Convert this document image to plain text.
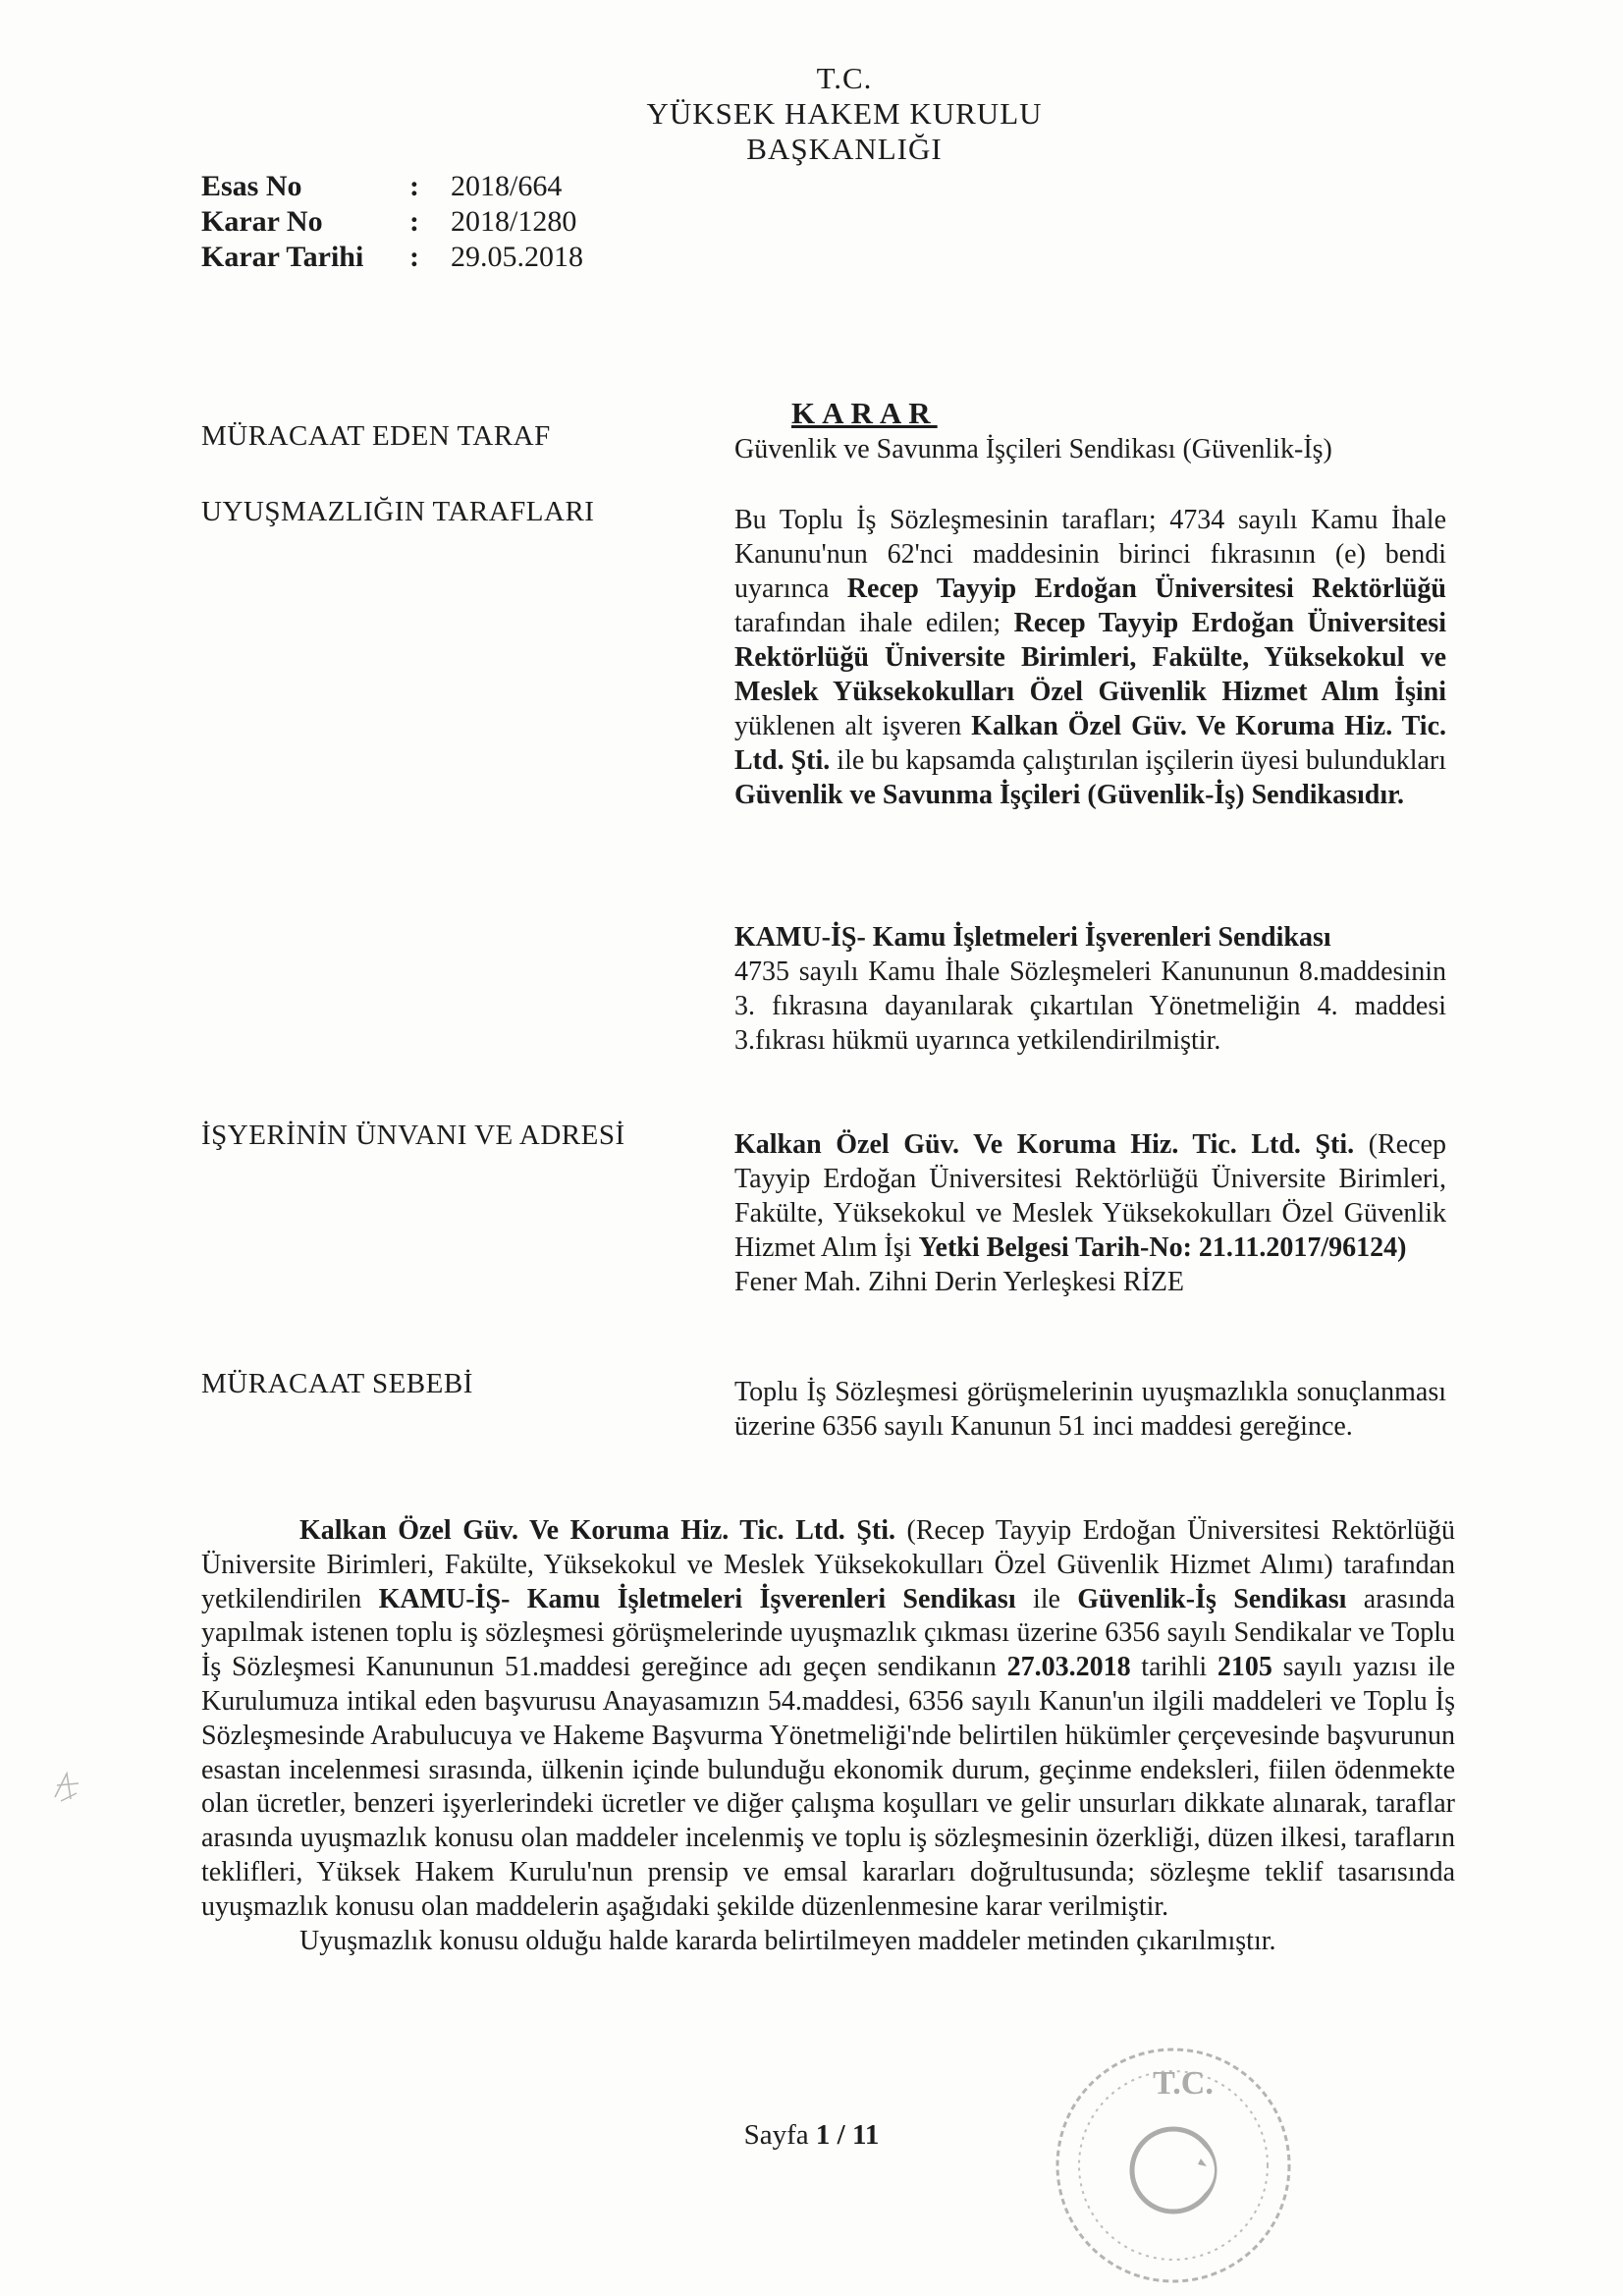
T.C.
YÜKSEK HAKEM KURULU
BAŞKANLIĞI
Esas No	:	2018/664
Karar No	:	2018/1280
Karar Tarihi	:	29.05.2018
KARAR
MÜRACAAT EDEN TARAF	Güvenlik ve Savunma İşçileri Sendikası (Güvenlik-İş)

UYUŞMAZLIĞIN TARAFLARI	Bu Toplu İş Sözleşmesinin tarafları; 4734 sayılı Kamu İhale Kanunu'nun 62'nci maddesinin birinci fıkrasının (e) bendi uyarınca Recep Tayyip Erdoğan Üniversitesi Rektörlüğü tarafından ihale edilen; Recep Tayyip Erdoğan Üniversitesi Rektörlüğü Üniversite Birimleri, Fakülte, Yüksekokul ve Meslek Yüksekokulları Özel Güvenlik Hizmet Alım İşini yüklenen alt işveren Kalkan Özel Güv. Ve Koruma Hiz. Tic. Ltd. Şti. ile bu kapsamda çalıştırılan işçilerin üyesi bulundukları Güvenlik ve Savunma İşçileri (Güvenlik-İş) Sendikasıdır.

KAMU-İŞ- Kamu İşletmeleri İşverenleri Sendikası

4735 sayılı Kamu İhale Sözleşmeleri Kanununun 8.maddesinin 3. fıkrasına dayanılarak çıkartılan Yönetmeliğin 4. maddesi 3.fıkrası hükmü uyarınca yetkilendirilmiştir.

İŞYERİNİN ÜNVANI VE ADRESİ	Kalkan Özel Güv. Ve Koruma Hiz. Tic. Ltd. Şti. (Recep Tayyip Erdoğan Üniversitesi Rektörlüğü Üniversite Birimleri, Fakülte, Yüksekokul ve Meslek Yüksekokulları Özel Güvenlik Hizmet Alım İşi Yetki Belgesi Tarih-No: 21.11.2017/96124)

Fener Mah. Zihni Derin Yerleşkesi RİZE

MÜRACAAT SEBEBİ	Toplu İş Sözleşmesi görüşmelerinin uyuşmazlıkla sonuçlanması üzerine 6356 sayılı Kanunun 51 inci maddesi gereğince.

Kalkan Özel Güv. Ve Koruma Hiz. Tic. Ltd. Şti. (Recep Tayyip Erdoğan Üniversitesi Rektörlüğü Üniversite Birimleri, Fakülte, Yüksekokul ve Meslek Yüksekokulları Özel Güvenlik Hizmet Alımı) tarafından yetkilendirilen KAMU-İŞ- Kamu İşletmeleri İşverenleri Sendikası ile Güvenlik-İş Sendikası arasında yapılmak istenen toplu iş sözleşmesi görüşmelerinde uyuşmazlık çıkması üzerine 6356 sayılı Sendikalar ve Toplu İş Sözleşmesi Kanununun 51.maddesi gereğince adı geçen sendikanın 27.03.2018 tarihli 2105 sayılı yazısı ile Kurulumuza intikal eden başvurusu Anayasamızın 54.maddesi, 6356 sayılı Kanun'un ilgili maddeleri ve Toplu İş Sözleşmesinde Arabulucuya ve Hakeme Başvurma Yönetmeliği'nde belirtilen hükümler çerçevesinde başvurunun esastan incelenmesi sırasında, ülkenin içinde bulunduğu ekonomik durum, geçinme endeksleri, fiilen ödenmekte olan ücretler, benzeri işyerlerindeki ücretler ve diğer çalışma koşulları ve gelir unsurları dikkate alınarak, taraflar arasında uyuşmazlık konusu olan maddeler incelenmiş ve toplu iş sözleşmesinin özerkliği, düzen ilkesi, tarafların teklifleri, Yüksek Hakem Kurulu'nun prensip ve emsal kararları doğrultusunda; sözleşme teklif tasarısında uyuşmazlık konusu olan maddelerin aşağıdaki şekilde düzenlenmesine karar verilmiştir.

Uyuşmazlık konusu olduğu halde kararda belirtilmeyen maddeler metinden çıkarılmıştır.

Sayfa 1 / 11
T.C.
